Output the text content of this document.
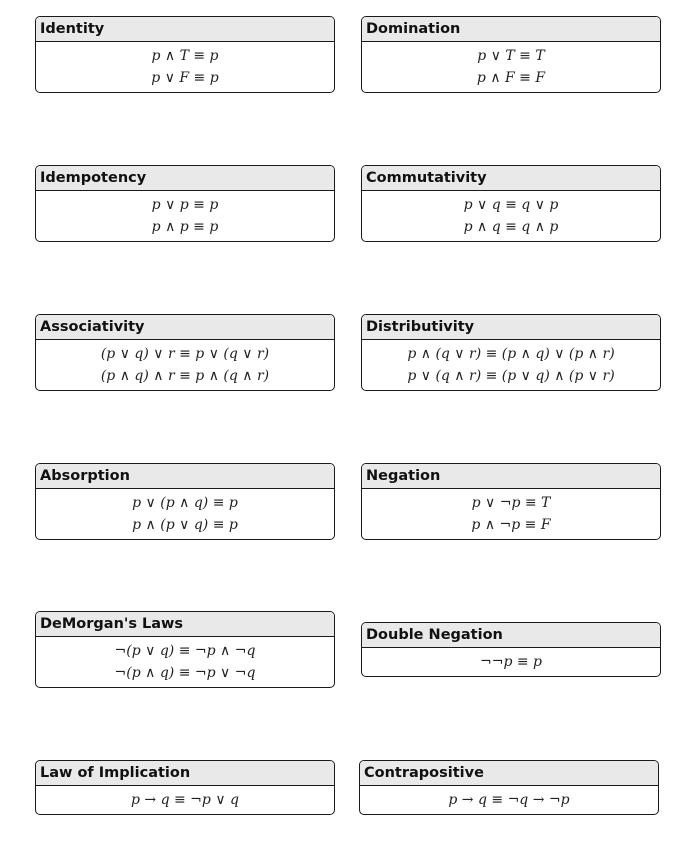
Identity
p ∧ T ≡ p
p ∨ F ≡ p
Domination
p ∨ T ≡ T
p ∧ F ≡ F
Idempotency
p ∨ p ≡ p
p ∧ p ≡ p
Commutativity
p ∨ q ≡ q ∨ p
p ∧ q ≡ q ∧ p
Associativity
(p ∨ q) ∨ r ≡ p ∨ (q ∨ r)
(p ∧ q) ∧ r ≡ p ∧ (q ∧ r)
Distributivity
p ∧ (q ∨ r) ≡ (p ∧ q) ∨ (p ∧ r)
p ∨ (q ∧ r) ≡ (p ∨ q) ∧ (p ∨ r)
Absorption
p ∨ (p ∧ q) ≡ p
p ∧ (p ∨ q) ≡ p
Negation
p ∨ ¬p ≡ T
p ∧ ¬p ≡ F
DeMorgan's Laws
¬(p ∨ q) ≡ ¬p ∧ ¬q
¬(p ∧ q) ≡ ¬p ∨ ¬q
Double Negation
¬¬p ≡ p
Law of Implication
p → q ≡ ¬p ∨ q
Contrapositive
p → q ≡ ¬q → ¬p
